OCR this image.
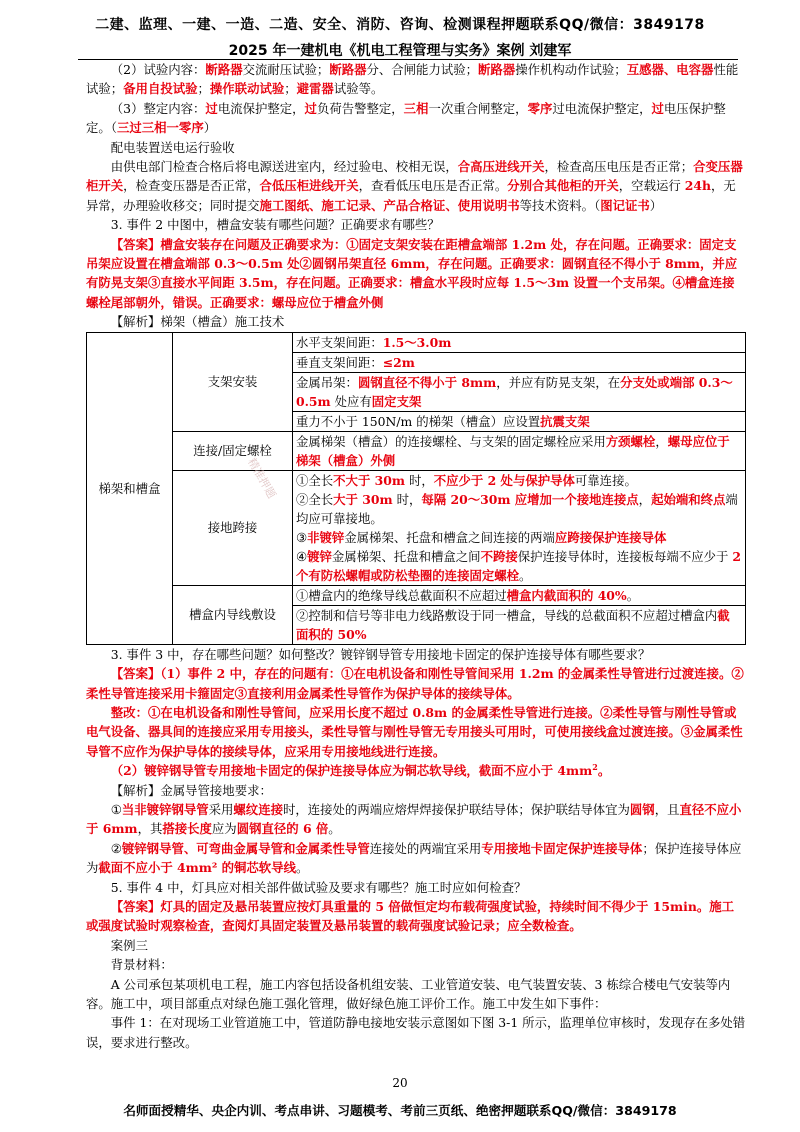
二建、监理、一建、一造、二造、安全、消防、咨询、检测课程押题联系QQ/微信：3849178
2025 年一建机电《机电工程管理与实务》案例 刘建军

（2）试验内容：断路器交流耐压试验；断路器分、合闸能力试验；断路器操作机构动作试验；互感器、电容器性能试验；备用自投试验；操作联动试验；避雷器试验等。

（3）整定内容：过电流保护整定，过负荷告警整定，三相一次重合闸整定，零序过电流保护整定，过电压保护整定。（三过三相一零序）

配电装置送电运行验收

由供电部门检查合格后将电源送进室内，经过验电、校相无误，合高压进线开关，检查高压电压是否正常；合变压器柜开关，检查变压器是否正常，合低压柜进线开关，查看低压电压是否正常。分别合其他柜的开关，空载运行 24h，无异常，办理验收移交；同时提交施工图纸、施工记录、产品合格证、使用说明书等技术资料。（图记证书）

3. 事件 2 中图中，槽盒安装有哪些问题？正确要求有哪些？

【答案】槽盒安装存在问题及正确要求为：①固定支架安装在距槽盒端部 1.2m 处，存在问题。正确要求：固定支吊架应设置在槽盒端部 0.3～0.5m 处②圆钢吊架直径 6mm，存在问题。正确要求：圆钢直径不得小于 8mm，并应有防晃支架③直接水平间距 3.5m，存在问题。正确要求：槽盒水平段时应每 1.5～3m 设置一个支吊架。④槽盒连接螺栓尾部朝外，错误。正确要求：螺母应位于槽盒外侧

【解析】梯架（槽盒）施工技术

梯架和槽盒	支架安装	水平支架间距：1.5～3.0m
		垂直支架间距：≤2m
		金属吊架：圆钢直径不得小于 8mm，并应有防晃支架，在分支处或端部 0.3～0.5m 处应有固定支架
		重力不小于 150N/m 的梯架（槽盒）应设置抗震支架
	连接/固定螺栓	金属梯架（槽盒）的连接螺栓、与支架的固定螺栓应采用方颈螺栓，螺母应位于梯架（槽盒）外侧
	接地跨接	①全长不大于 30m 时，不应少于 2 处与保护导体可靠连接。
②全长大于 30m 时，每隔 20～30m 应增加一个接地连接点，起始端和终点端均应可靠接地。
③非镀锌金属梯架、托盘和槽盒之间连接的两端应跨接保护连接导体
④镀锌金属梯架、托盘和槽盒之间不跨接保护连接导体时，连接板每端不应少于 2 个有防松螺帽或防松垫圈的连接固定螺栓。

	槽盒内导线敷设	①槽盒内的绝缘导线总截面积不应超过槽盒内截面积的 40%。
		②控制和信号等非电力线路敷设于同一槽盒，导线的总截面积不应超过槽盒内截面积的 50%

3. 事件 3 中，存在哪些问题？如何整改？镀锌钢导管专用接地卡固定的保护连接导体有哪些要求？

【答案】（1）事件 2 中，存在的问题有：①在电机设备和刚性导管间采用 1.2m 的金属柔性导管进行过渡连接。②柔性导管连接采用卡箍固定③直接利用金属柔性导管作为保护导体的接续导体。

整改：①在电机设备和刚性导管间，应采用长度不超过 0.8m 的金属柔性导管进行连接。②柔性导管与刚性导管或电气设备、器具间的连接应采用专用接头，柔性导管与刚性导管无专用接头可用时，可使用接线盒过渡连接。③金属柔性导管不应作为保护导体的接续导体，应采用专用接地线进行连接。

（2）镀锌钢导管专用接地卡固定的保护连接导体应为铜芯软导线，截面不应小于 $4mm^2$。

【解析】金属导管接地要求：

①当非镀锌钢导管采用螺纹连接时，连接处的两端应熔焊焊接保护联结导体；保护联结导体宜为圆钢，且直径不应小于 6mm，其搭接长度应为圆钢直径的 6 倍。

②镀锌钢导管、可弯曲金属导管和金属柔性导管连接处的两端宜采用专用接地卡固定保护连接导体；保护连接导体应为截面不应小于 4mm² 的铜芯软导线。

5. 事件 4 中，灯具应对相关部件做试验及要求有哪些？施工时应如何检查？

【答案】灯具的固定及悬吊装置应按灯具重量的 5 倍做恒定均布载荷强度试验，持续时间不得少于 15min。施工或强度试验时观察检查，查阅灯具固定装置及悬吊装置的载荷强度试验记录；应全数检查。

案例三

背景材料：

A 公司承包某项机电工程，施工内容包括设备机组安装、工业管道安装、电气装置安装、3 栋综合楼电气安装等内容。施工中，项目部重点对绿色施工强化管理，做好绿色施工评价工作。施工中发生如下事件：

事件 1：在对现场工业管道施工中，管道防静电接地安装示意图如下图 3-1 所示，监理单位审核时，发现存在多处错误，要求进行整改。

精准押题
20
名师面授精华、央企内训、考点串讲、习题模考、考前三页纸、绝密押题联系QQ/微信：3849178
